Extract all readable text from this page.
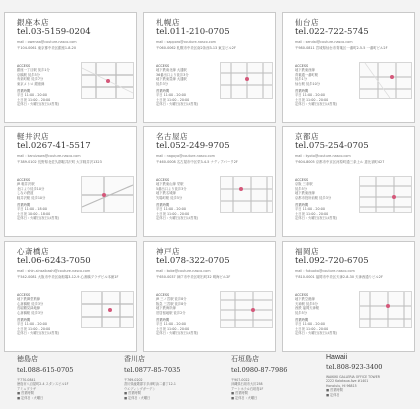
銀座本店
tel.03-5159-0204
mail : owenaa@couture-nasco.com
〒104-0061 東京都中央区銀座1-8-20
ACCESS
銀座一丁目駅 徒歩1分
京橋駅 徒歩3分
有楽町駅 徒歩7分
東京メトロ 銀座線
営業時間
平日 11:00 - 20:00
土日祝 11:00 - 20:00
定休日 : 火曜日(祝日は営業)
札幌店
tel.011-210-0705
mail : sapporo@couture-nasco.com
〒060-0062 札幌市中央区南2条西3-13 東宝ビル2F
ACCESS
地下鉄南北線 大通駅
36番出口より徒歩3分
地下鉄東豊線 大通駅
徒歩3分
営業時間
平日 11:00 - 20:00
土日祝 11:00 - 20:00
定休日 : 火曜日(祝日は営業)
仙台店
tel.022-722-5745
mail : sendai@couture-nasco.com
〒980-0811 宮城県仙台市青葉区一番町2-5-5 一番町ビル2F
ACCESS
地下鉄東西線
青葉通一番町駅
徒歩1分
仙台駅 徒歩10分
営業時間
平日 11:00 - 20:00
土日祝 11:00 - 20:00
定休日 : 火曜日(祝日は営業)
軽井沢店
tel.0267-41-5517
mail : karuizawa@couture-nasco.com
〒389-0102 長野県北佐久郡軽井沢町 大字軽井沢1323
ACCESS
JR 軽井沢駅
北口より徒歩10分
しなの鉄道
軽井沢駅 徒歩10分
営業時間
平日 11:00 - 18:00
土日祝 10:00 - 18:00
定休日 : 火曜日(祝日は営業)
名古屋店
tel.052-249-9705
mail : nagoya@couture-nasco.com
〒460-0008 名古屋市中区栄3-4-5 ナディアパーク2F
ACCESS
地下鉄東山線 栄駅
5番出口より徒歩3分
地下鉄名城線
矢場町駅 徒歩5分
営業時間
平日 11:00 - 20:00
土日祝 11:00 - 20:00
定休日 : 火曜日(祝日は営業)
京都店
tel.075-254-0705
mail : kyoto@couture-nasco.com
〒604-8005 京都市中京区河原町通三条上ル 恵比須町427
ACCESS
京阪 三条駅
徒歩5分
地下鉄東西線
京都市役所前駅 徒歩3分
営業時間
平日 11:00 - 20:00
土日祝 11:00 - 20:00
定休日 : 火曜日(祝日は営業)
心斎橋店
tel.06-6243-7050
mail : shin-sinsaibashi@couture-nasco.com
〒542-0081 大阪市中央区南船場3-12-9 心斎橋プラザビル本館1F
ACCESS
地下鉄御堂筋線
心斎橋駅 徒歩3分
長堀鶴見緑地線
心斎橋駅 徒歩3分
営業時間
平日 11:00 - 20:00
土日祝 11:00 - 20:00
定休日 : 火曜日(祝日は営業)
神戸店
tel.078-322-0705
mail : kobe@couture-nasco.com
〒650-0037 神戸市中央区明石町32 明海ビル2F
ACCESS
JR 三ノ宮駅 徒歩8分
阪急 三宮駅 徒歩8分
地下鉄海岸線
旧居留地駅 徒歩2分
営業時間
平日 11:00 - 20:00
土日祝 11:00 - 20:00
定休日 : 火曜日(祝日は営業)
福岡店
tel.092-720-6705
mail : fukuoka@couture-nasco.com
〒810-0001 福岡市中央区天神2-8-30 天神西通りビル2F
ACCESS
地下鉄空港線
天神駅 徒歩5分
西鉄 福岡天神駅
徒歩5分
営業時間
平日 11:00 - 20:00
土日祝 11:00 - 20:00
定休日 : 火曜日(祝日は営業)
徳島店
tel.088-615-0705
〒770-0841
徳島市八百屋町2-4 スタンスビル1F
アミュプラザ
■ 営業時間
■ 定休日 : 火曜日
香川店
tel.0877-85-7035
〒769-0202
香川県綾歌郡宇多津町浜二番丁12-1
ウエディングガーデン
■ 営業時間
■ 定休日 : 火曜日
石垣島店
tel.0980-87-7986
〒907-0022
沖縄県石垣市大川258
アートホテル石垣島1F
■ 営業時間
■ 定休日 : 火曜日
Hawaii
tel.808-923-3400
WAIKIKI GALLERIA OFFICE TOWER
2222 Kalakaua Ave #1401
Honolulu, HI 96815
■ 営業時間
■ 定休日
